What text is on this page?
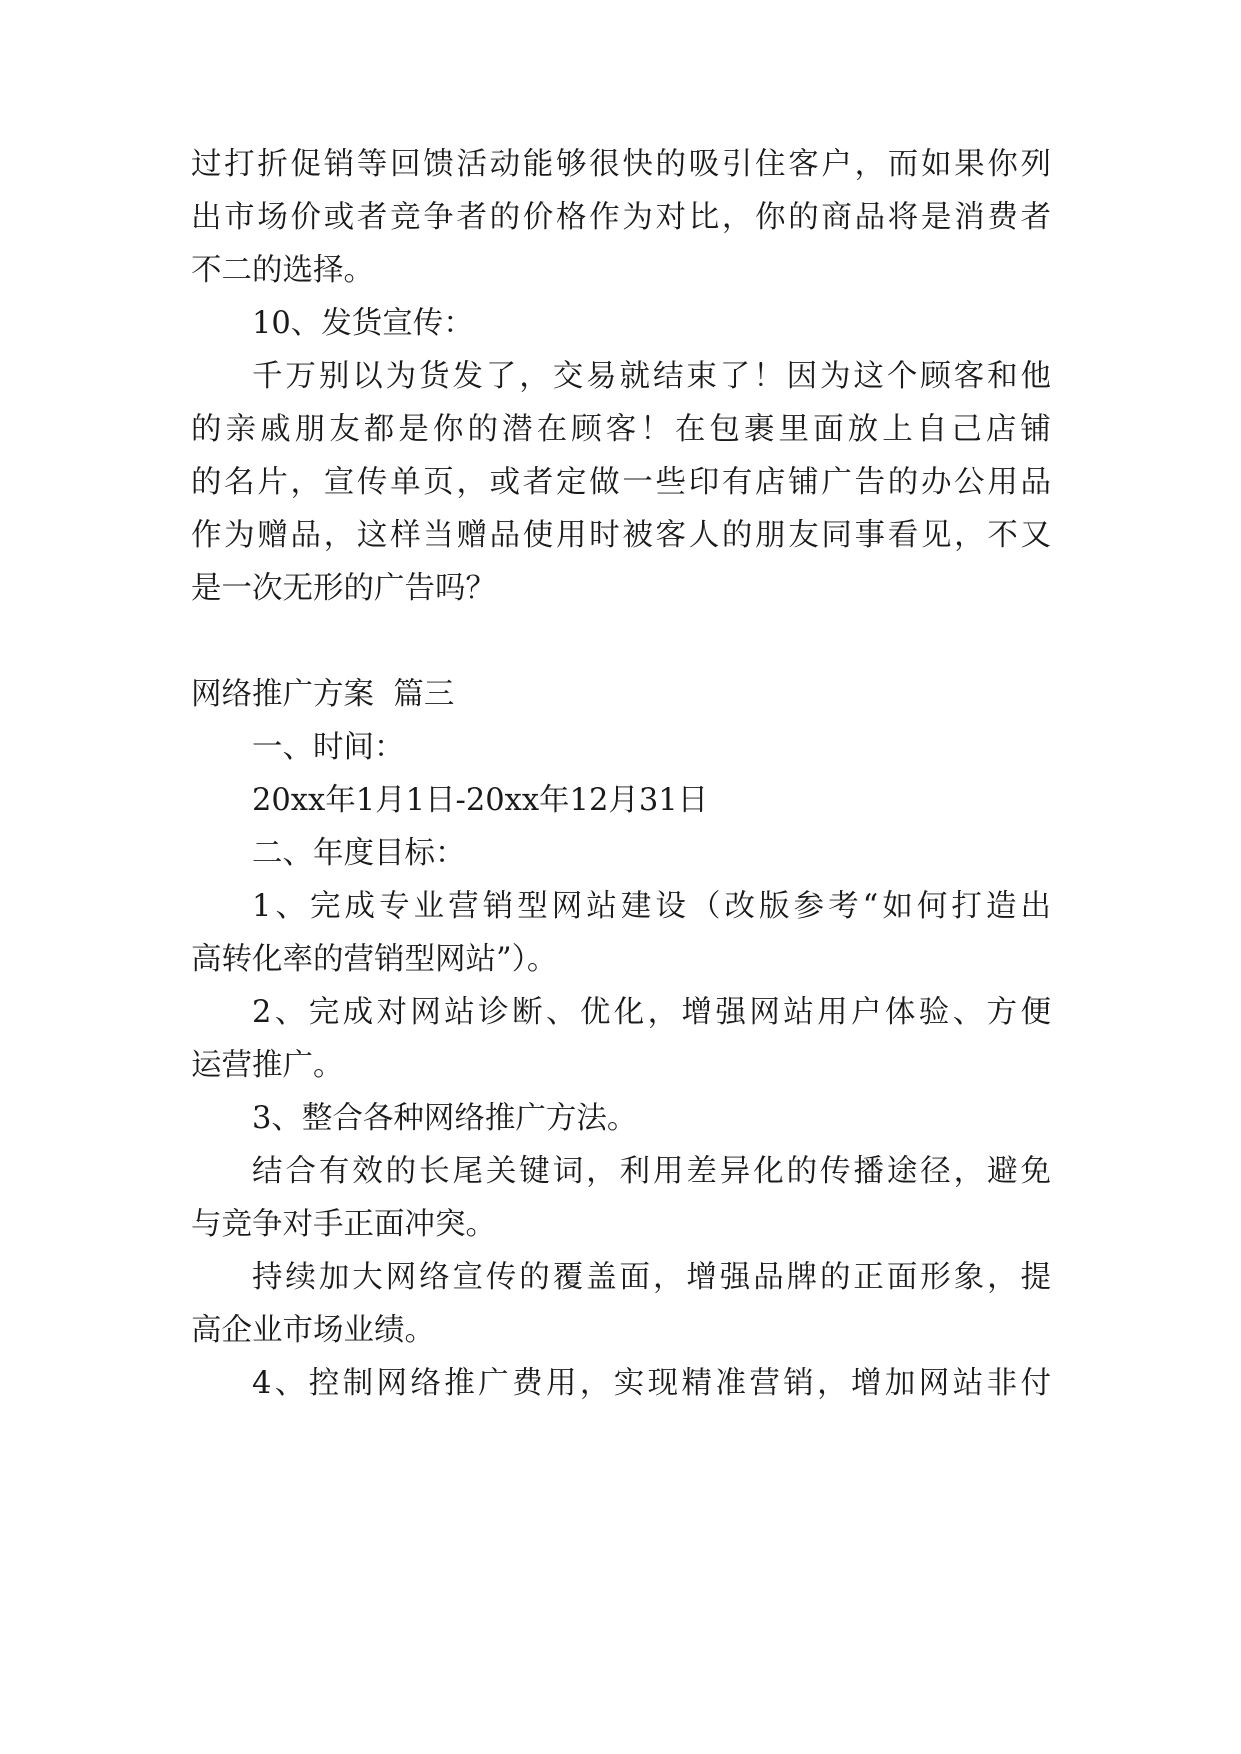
过打折促销等回馈活动能够很快的吸引住客户，而如果你列
出市场价或者竞争者的价格作为对比，你的商品将是消费者
不二的选择。
10、发货宣传：
千万别以为货发了，交易就结束了！因为这个顾客和他
的亲戚朋友都是你的潜在顾客！在包裹里面放上自己店铺
的名片，宣传单页，或者定做一些印有店铺广告的办公用品
作为赠品，这样当赠品使用时被客人的朋友同事看见，不又
是一次无形的广告吗？
网络推广方案  篇三
一、时间：
20xx年1月1日-20xx年12月31日
二、年度目标：
1、完成专业营销型网站建设（改版参考“如何打造出
高转化率的营销型网站”）。
2、完成对网站诊断、优化，增强网站用户体验、方便
运营推广。
3、整合各种网络推广方法。
结合有效的长尾关键词，利用差异化的传播途径，避免
与竞争对手正面冲突。
持续加大网络宣传的覆盖面，增强品牌的正面形象，提
高企业市场业绩。
4、控制网络推广费用，实现精准营销，增加网站非付
